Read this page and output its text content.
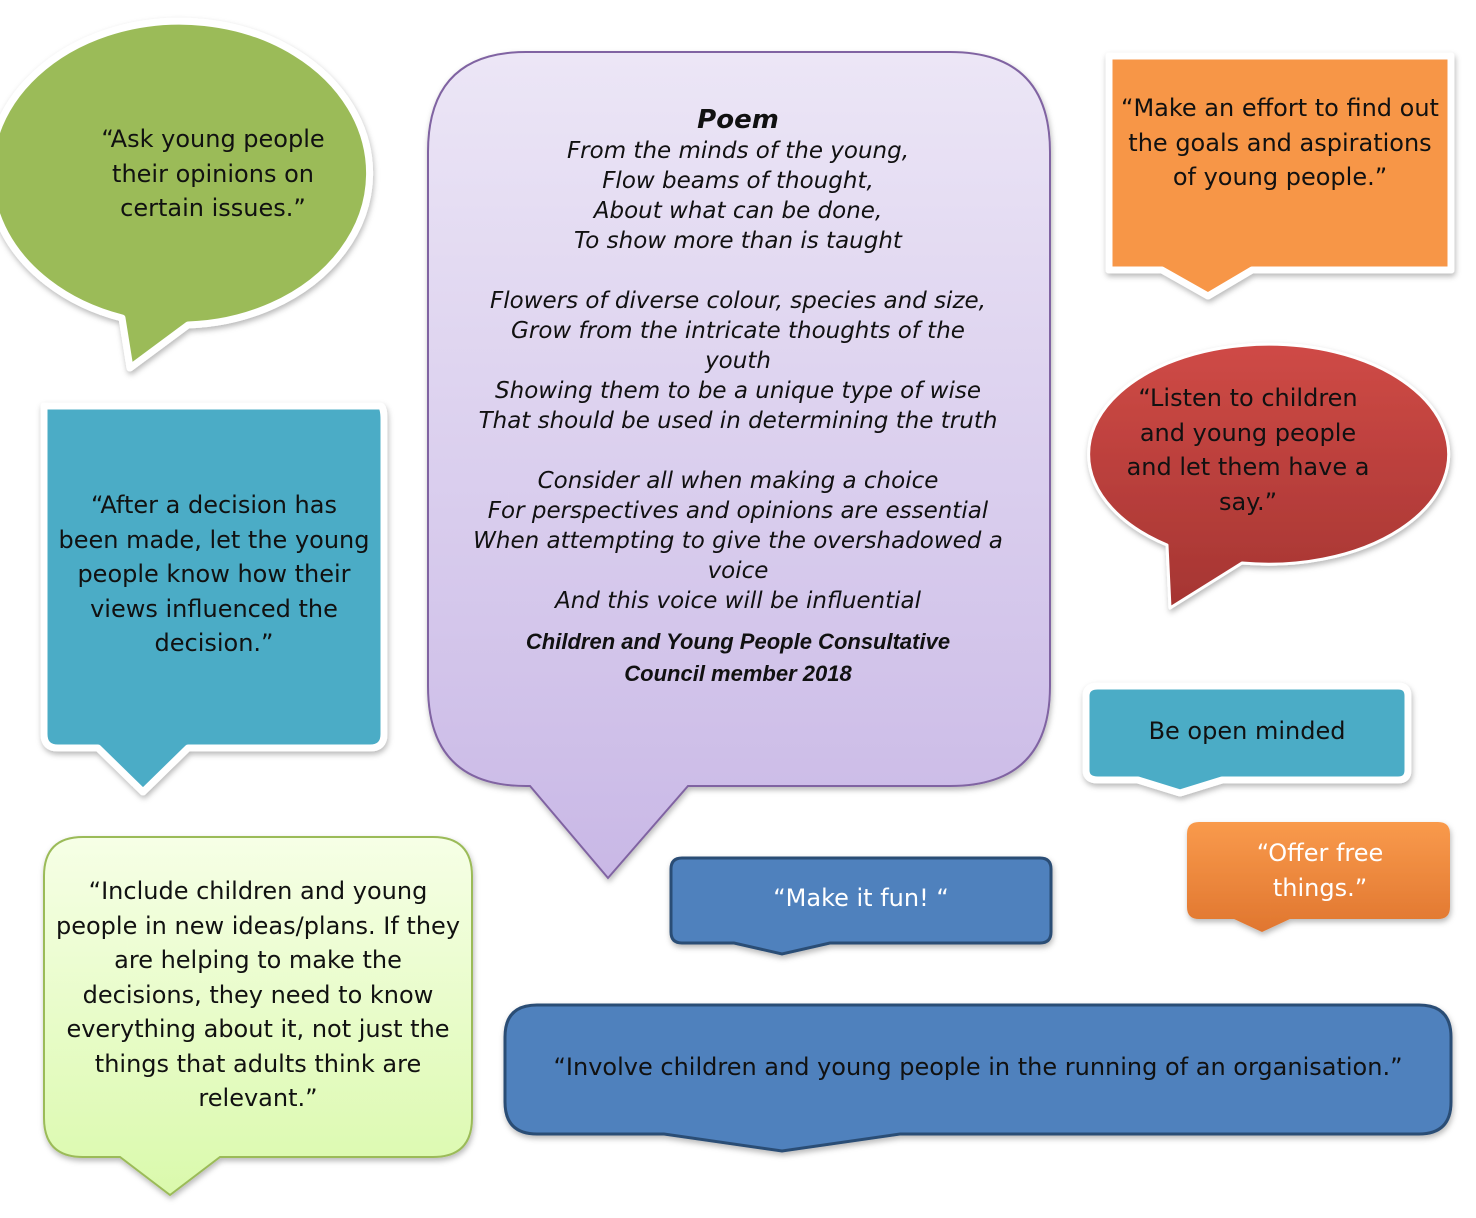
“Ask young people their opinions on certain issues.”
“After a decision has been made, let the young people know how their views influenced the decision.”
“Include children and young people in new ideas/plans. If they are helping to make the decisions, they need to know everything about it, not just the things that adults think are relevant.”
“Make an effort to find out the goals and aspirations of young people.”
“Listen to children and young people and let them have a say.”
Be open minded
“Offer free things.”
“Make it fun! “
“Involve children and young people in the running of an organisation.”
Poem
From the minds of the young,
Flow beams of thought,
About what can be done,
To show more than is taught
Flowers of diverse colour, species and size,
Grow from the intricate thoughts of the youth
Showing them to be a unique type of wise
That should be used in determining the truth
Consider all when making a choice
For perspectives and opinions are essential
When attempting to give the overshadowed a voice
And this voice will be influential
Children and Young People Consultative
Council member 2018
